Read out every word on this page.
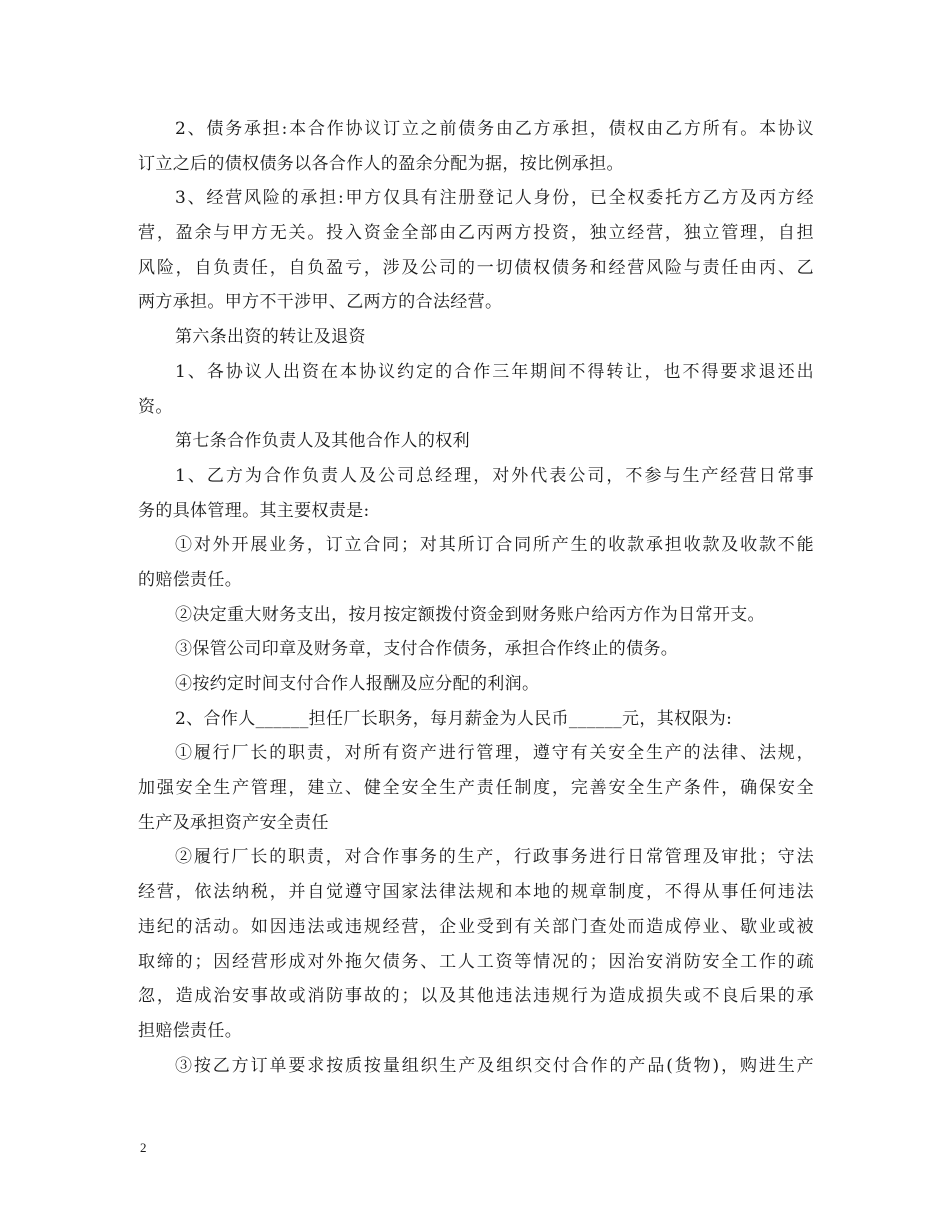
2、债务承担:本合作协议订立之前债务由乙方承担，债权由乙方所有。本协议
订立之后的债权债务以各合作人的盈余分配为据，按比例承担。
3、经营风险的承担:甲方仅具有注册登记人身份，已全权委托方乙方及丙方经
营，盈余与甲方无关。投入资金全部由乙丙两方投资，独立经营，独立管理，自担
风险，自负责任，自负盈亏，涉及公司的一切债权债务和经营风险与责任由丙、乙
两方承担。甲方不干涉甲、乙两方的合法经营。
第六条出资的转让及退资
1、各协议人出资在本协议约定的合作三年期间不得转让，也不得要求退还出
资。
第七条合作负责人及其他合作人的权利
1、乙方为合作负责人及公司总经理，对外代表公司，不参与生产经营日常事
务的具体管理。其主要权责是:
①对外开展业务，订立合同；对其所订合同所产生的收款承担收款及收款不能
的赔偿责任。
②决定重大财务支出，按月按定额拨付资金到财务账户给丙方作为日常开支。
③保管公司印章及财务章，支付合作债务，承担合作终止的债务。
④按约定时间支付合作人报酬及应分配的利润。
2、合作人______担任厂长职务，每月薪金为人民币______元，其权限为:
①履行厂长的职责，对所有资产进行管理，遵守有关安全生产的法律、法规，
加强安全生产管理，建立、健全安全生产责任制度，完善安全生产条件，确保安全
生产及承担资产安全责任
②履行厂长的职责，对合作事务的生产，行政事务进行日常管理及审批；守法
经营，依法纳税，并自觉遵守国家法律法规和本地的规章制度，不得从事任何违法
违纪的活动。如因违法或违规经营，企业受到有关部门查处而造成停业、歇业或被
取缔的；因经营形成对外拖欠债务、工人工资等情况的；因治安消防安全工作的疏
忽，造成治安事故或消防事故的；以及其他违法违规行为造成损失或不良后果的承
担赔偿责任。
③按乙方订单要求按质按量组织生产及组织交付合作的产品(货物)，购进生产
2
